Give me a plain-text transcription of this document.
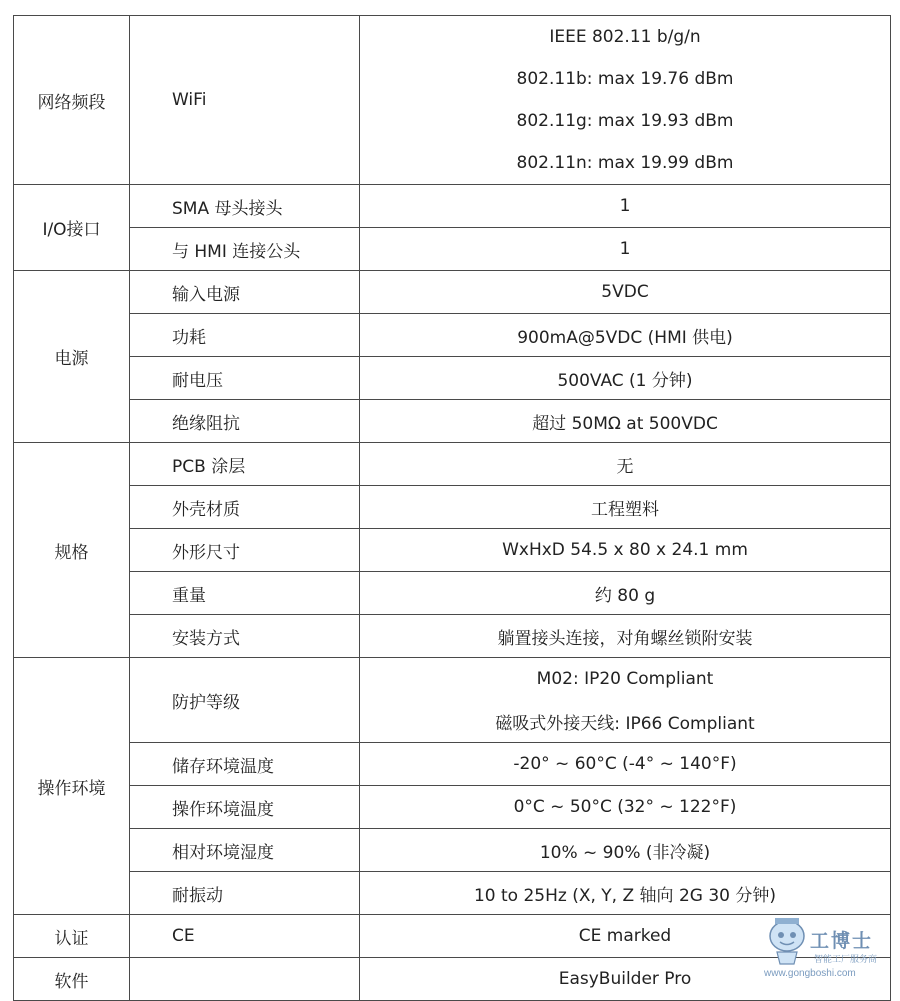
网络频段	WiFi	IEEE 802.11 b/g/n
802.11b: max 19.76 dBm
802.11g: max 19.93 dBm
802.11n: max 19.99 dBm

I/O接口	SMA 母头接头	1

	与 HMI 连接公头	1

电源	输入电源	5VDC

	功耗	900mA@5VDC (HMI 供电)

	耐电压	500VAC (1 分钟)

	绝缘阻抗	超过 50MΩ at 500VDC

规格	PCB 涂层	无

	外壳材质	工程塑料

	外形尺寸	WxHxD 54.5 x 80 x 24.1 mm

	重量	约 80 g

	安装方式	躺置接头连接，对角螺丝锁附安装

操作环境	防护等级	M02: IP20 Compliant
磁吸式外接天线: IP66 Compliant

	储存环境温度	-20° ~ 60°C (-4° ~ 140°F)

	操作环境温度	0°C ~ 50°C (32° ~ 122°F)

	相对环境湿度	10% ~ 90% (非冷凝)

	耐振动	10 to 25Hz (X, Y, Z 轴向 2G 30 分钟)

认证	CE	CE marked

软件		EasyBuilder Pro
工博士
智能工厂服务商
www.gongboshi.com
